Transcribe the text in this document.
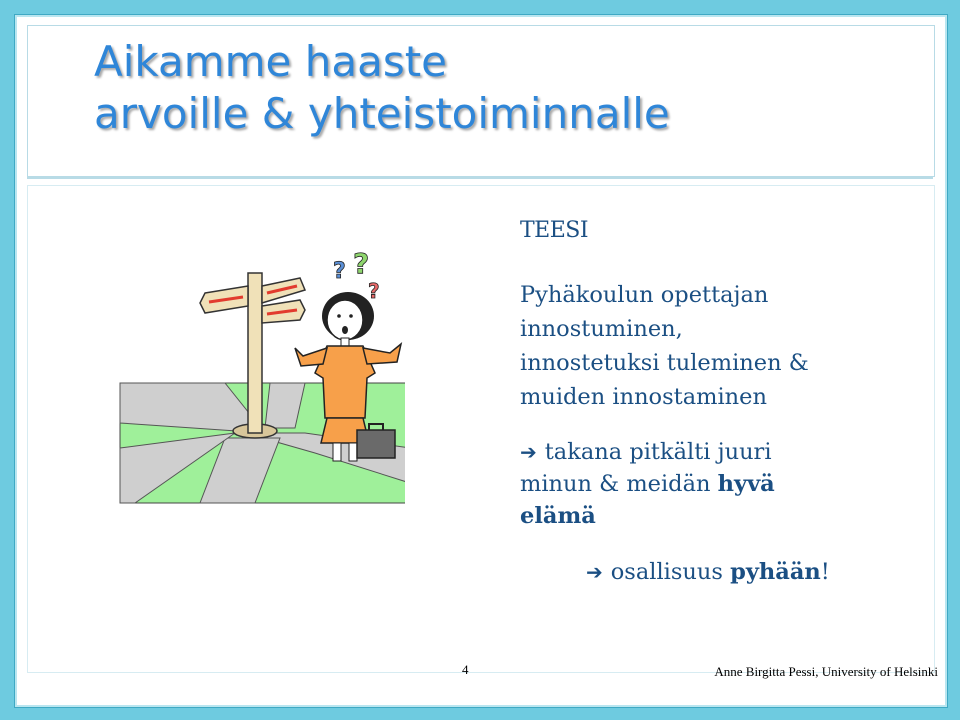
Aikamme haaste
arvoille & yhteistoiminnalle
? ?
?
TEESI

Pyhäkoulun opettajan
innostuminen,
innostetuksi tuleminen &
muiden innostaminen

➔ takana pitkälti juuri
minun & meidän hyvä
elämä

➔ osallisuus pyhään!

4	Anne Birgitta Pessi, University of Helsinki
